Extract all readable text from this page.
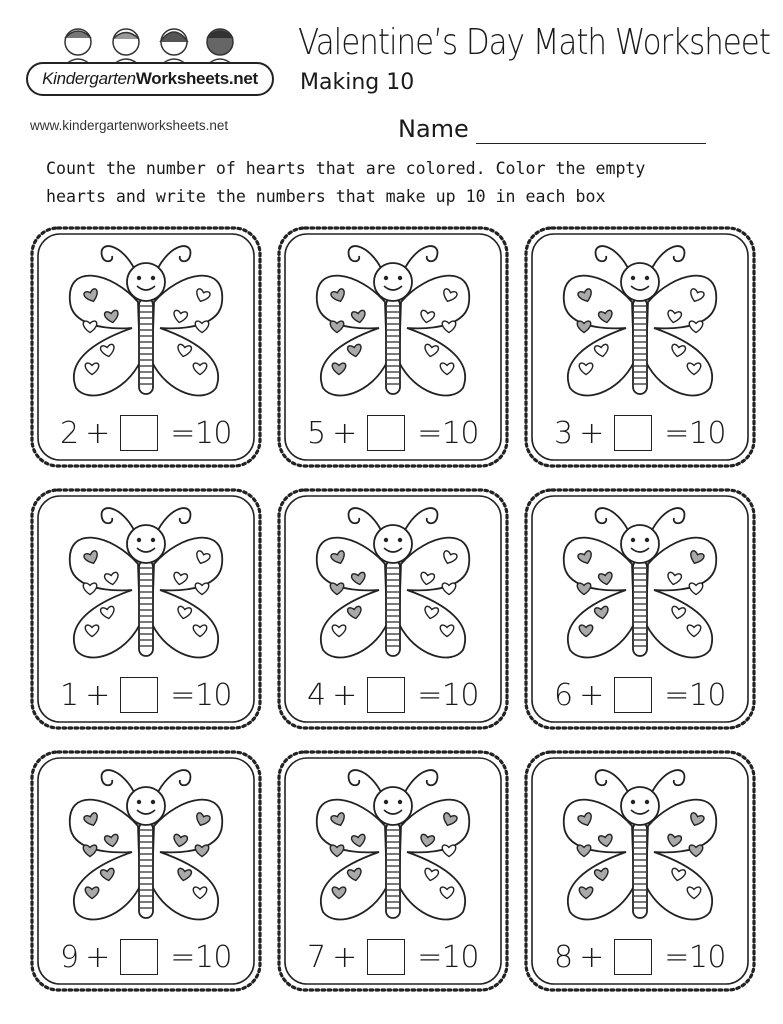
KindergartenWorksheets.net
www.kindergartenworksheets.net
Valentine’s Day Math Worksheet
Making 10
Name
Count the number of hearts that are colored. Color the empty
hearts and write the numbers that make up 10 in each box
2 + =10 5 + =10 3 + =10
1 + =10 4 + =10 6 + =10
9 + =10 7 + =10 8 + =10
